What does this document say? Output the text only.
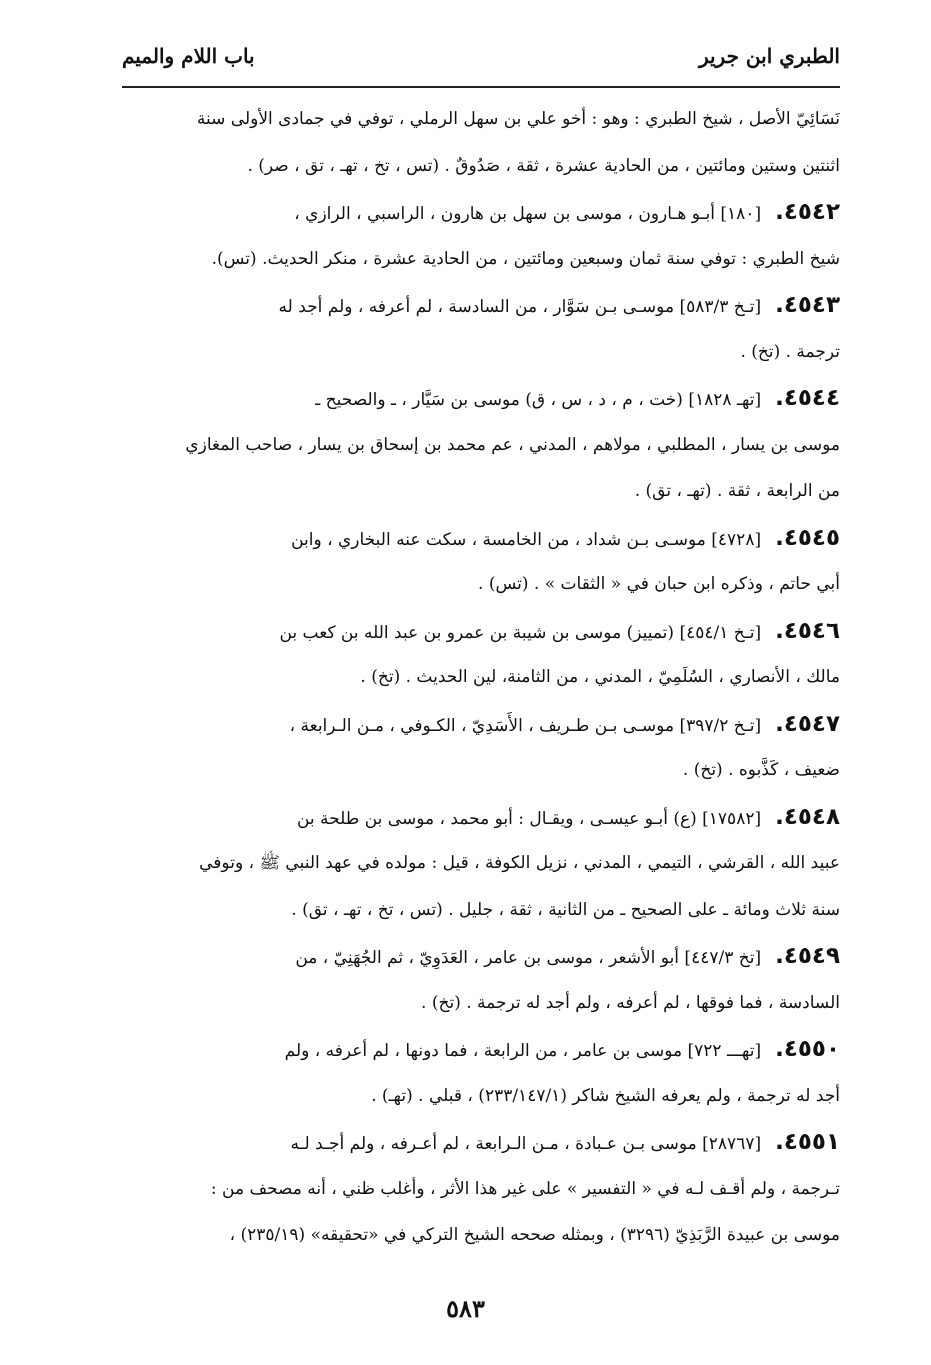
الطبري ابن جرير
باب اللام والميم
نَسَائِيّ الأصل ، شيخ الطبري : وهو : أخو علي بن سهل الرملي ، توفي في جمادى الأولى سنة
اثنتين وستين ومائتين ، من الحادية عشرة ، ثقة ، صَدُوقٌ . (تس ، تخ ، تهـ ، تق ، صر) .
٤٥٤٢.[١٨٠] أبـو هـارون ، موسى بن سهل بن هارون ، الراسبي ، الرازي ،
شيخ الطبري : توفي سنة ثمان وسبعين ومائتين ، من الحادية عشرة ، منكر الحديث. (تس).
٤٥٤٣.[تـخ ٥٨٣/٣] موسـى بـن سَوَّار ، من السادسة ، لم أعرفه ، ولم أجد له
ترجمة . (تخ) .
٤٥٤٤.[تهـ ١٨٢٨] (خت ، م ، د ، س ، ق) موسى بن سَيَّار ، ـ والصحيح ـ
موسى بن يسار ، المطلبي ، مولاهم ، المدني ، عم محمد بن إسحاق بن يسار ، صاحب المغازي
من الرابعة ، ثقة . (تهـ ، تق) .
٤٥٤٥.[٤٧٢٨] موسـى بـن شداد ، من الخامسة ، سكت عنه البخاري ، وابن
أبي حاتم ، وذكره ابن حبان في « الثقات » . (تس) .
٤٥٤٦.[تـخ ٤٥٤/١] (تمييز) موسى بن شيبة بن عمرو بن عبد الله بن كعب بن
مالك ، الأنصاري ، السُلَمِيّ ، المدني ، من الثامنة، لين الحديث . (تخ) .
٤٥٤٧.[تـخ ٣٩٧/٢] موسـى بـن طـريف ، الأَسَدِيّ ، الكـوفي ، مـن الـرابعة ،
ضعيف ، كَذَّبوه . (تخ) .
٤٥٤٨.[١٧٥٨٢] (ع) أبـو عيسـى ، ويقـال : أبو محمد ، موسى بن طلحة بن
عبيد الله ، القرشي ، التيمي ، المدني ، نزيل الكوفة ، قيل : مولده في عهد النبي ﷺ ، وتوفي
سنة ثلاث ومائة ـ على الصحيح ـ من الثانية ، ثقة ، جليل . (تس ، تخ ، تهـ ، تق) .
٤٥٤٩.[تخ ٤٤٧/٣] أبو الأشعر ، موسى بن عامر ، العَدَوِيّ ، ثم الجُهَنِيّ ، من
السادسة ، فما فوقها ، لم أعرفه ، ولم أجد له ترجمة . (تخ) .
٤٥٥٠.[تهـــ ٧٢٢] موسى بن عامر ، من الرابعة ، فما دونها ، لم أعرفه ، ولم
أجد له ترجمة ، ولم يعرفه الشيخ شاكر (٢٣٣/١٤٧/١) ، قبلي . (تهـ) .
٤٥٥١.[٢٨٧٦٧] موسى بـن عـبادة ، مـن الـرابعة ، لم أعـرفه ، ولم أجـد لـه
تـرجمة ، ولم أقـف لـه في « التفسير » على غير هذا الأثر ، وأغلب ظني ، أنه مصحف من :
موسى بن عبيدة الرَّبَذِيّ (٣٢٩٦) ، وبمثله صححه الشيخ التركي في «تحقيقه» (٢٣٥/١٩) ،
٥٨٣
